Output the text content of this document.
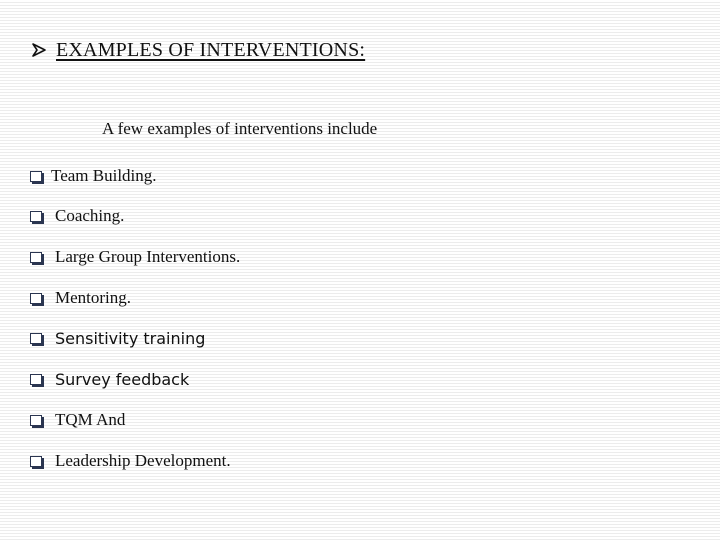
EXAMPLES OF INTERVENTIONS:
A few examples of interventions include
Team Building.
Coaching.
Large Group Interventions.
Mentoring.
Sensitivity training
Survey feedback
TQM And
Leadership Development.
